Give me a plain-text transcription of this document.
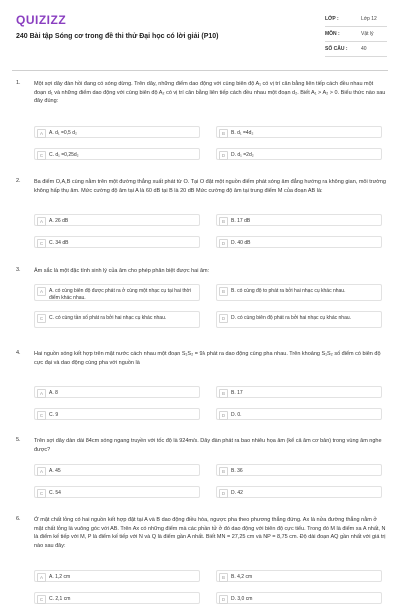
QUIZIZZ
240 Bài tập Sóng cơ trong đề thi thử Đại học có lời giải (P10)
LỚP :	Lớp 12
MÔN :	Vật lý
SỐ CÂU :	40
1. Một sợi dây đàn hồi đang có sóng dừng. Trên dây, những điểm dao động với cùng biên độ A₁ có vị trí cân bằng liên tiếp cách đều nhau một đoạn d₁ và những điểm dao động với cùng biên độ A₂ có vị trí cân bằng liên tiếp cách đều nhau một đoạn d₂. Biết A₁ > A₂ > 0. Biểu thức nào sau đây đúng:
A	A. d₁ =0,5 d₂	B	B. d₁ =4d₂
C	C. d₁ =0,25d₂	D	D. d₁ =2d₂
2. Ba điểm O,A,B cùng nằm trên một đường thẳng xuất phát từ O. Tại O đặt một nguồn điểm phát sóng âm đẳng hướng ra không gian, môi trường không hấp thụ âm. Mức cường độ âm tại A là 60 dB tại B là 20 dB Mức cường độ âm tại trung điểm M của đoạn AB là:
A	A. 26 dB	B	B. 17 dB
C	C. 34 dB	D	D. 40 dB
3. Âm sắc là một đặc tính sinh lý của âm cho phép phân biệt được hai âm:
A	A. có cùng biên độ được phát ra ở cùng một nhạc cụ tại hai thời điểm khác nhau.
B	B. có cùng độ to phát ra bởi hai nhạc cụ khác nhau.
C	C. có cùng tần số phát ra bởi hai nhạc cụ khác nhau.	D	D. có cùng biên độ phát ra bởi hai nhạc cụ khác nhau.
4. Hai nguồn sóng kết hợp trên mặt nước cách nhau một đoạn S₁S₂ = 9λ phát ra dao động cùng pha nhau. Trên khoảng S₁S₂ số điểm có biên độ cực đại và dao động cùng pha với nguồn là
A	A. 8	B	B. 17
C	C. 9	D	D. 0.
5. Trên sợi dây dàn dài 84cm sóng ngang truyền với tốc độ là 924m/s. Dây đàn phát ra bao nhiêu họa âm (kể cả âm cơ bản) trong vùng âm nghe được?
A	A. 45	B	B. 36
C	C. 54	D	D. 42
6. Ở mặt chất lỏng có hai nguồn kết hợp đặt tại A và B dao động điều hòa, ngược pha theo phương thẳng đứng. Ax là nửa đường thẳng nằm ở mặt chất lỏng là vuông góc với AB. Trên Ax có những điểm mà các phần tử ở đó dao động với biên độ cực tiểu. Trong đó M là điểm xa A nhất, N là điểm kế tiếp với M, P là điểm kế tiếp với N và Q là điểm gần A nhất. Biết MN = 27,25 cm và NP = 8,75 cm. Độ dài đoạn AQ gần nhất với giá trị nào sau đây:
A	A. 1,2 cm	B	B. 4,2 cm
C	C. 2,1 cm	D	D. 3,0 cm
